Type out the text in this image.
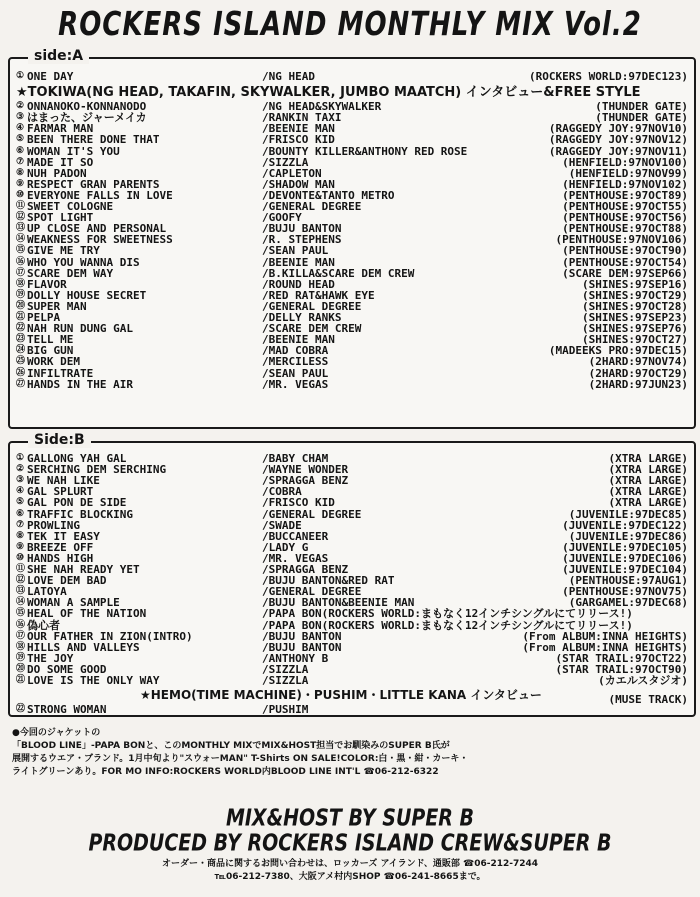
ROCKERS ISLAND MONTHLY MIX Vol.2
① ONE DAY	/NG HEAD	(ROCKERS WORLD:97DEC123)
★TOKIWA(NG HEAD, TAKAFIN, SKYWALKER, JUMBO MAATCH) インタビュー&FREE STYLE
② ONNANOKO-KONNANODO	/NG HEAD&SKYWALKER	(THUNDER GATE)
③ はまった、ジャーメイカ	/RANKIN TAXI	(THUNDER GATE)
④ FARMAR MAN	/BEENIE MAN	(RAGGEDY JOY:97NOV10)
⑤ BEEN THERE DONE THAT	/FRISCO KID	(RAGGEDY JOY:97NOV12)
⑥ WOMAN IT'S YOU	/BOUNTY KILLER&ANTHONY RED ROSE	(RAGGEDY JOY:97NOV11)
⑦ MADE IT SO	/SIZZLA	(HENFIELD:97NOV100)
⑧ NUH PADON	/CAPLETON	(HENFIELD:97NOV99)
⑨ RESPECT GRAN PARENTS	/SHADOW MAN	(HENFIELD:97NOV102)
⑩ EVERYONE FALLS IN LOVE	/DEVONTE&TANTO METRO	(PENTHOUSE:97OCT89)
⑪ SWEET COLOGNE	/GENERAL DEGREE	(PENTHOUSE:97OCT55)
⑫ SPOT LIGHT	/GOOFY	(PENTHOUSE:97OCT56)
⑬ UP CLOSE AND PERSONAL	/BUJU BANTON	(PENTHOUSE:97OCT88)
⑭ WEAKNESS FOR SWEETNESS	/R. STEPHENS	(PENTHOUSE:97NOV106)
⑮ GIVE ME TRY	/SEAN PAUL	(PENTHOUSE:97OCT90)
⑯ WHO YOU WANNA DIS	/BEENIE MAN	(PENTHOUSE:97OCT54)
⑰ SCARE DEM WAY	/B.KILLA&SCARE DEM CREW	(SCARE DEM:97SEP66)
⑱ FLAVOR	/ROUND HEAD	(SHINES:97SEP16)
⑲ DOLLY HOUSE SECRET	/RED RAT&HAWK EYE	(SHINES:97OCT29)
⑳ SUPER MAN	/GENERAL DEGREE	(SHINES:97OCT28)
㉑ PELPA	/DELLY RANKS	(SHINES:97SEP23)
㉒ NAH RUN DUNG GAL	/SCARE DEM CREW	(SHINES:97SEP76)
㉓ TELL ME	/BEENIE MAN	(SHINES:97OCT27)
㉔ BIG GUN	/MAD COBRA	(MADEEKS PRO:97DEC15)
㉕ WORK DEM	/MERCILESS	(2HARD:97NOV74)
㉖ INFILTRATE	/SEAN PAUL	(2HARD:97OCT29)
㉗ HANDS IN THE AIR	/MR. VEGAS	(2HARD:97JUN23)
side:A
① GALLONG YAH GAL	/BABY CHAM	(XTRA LARGE)
② SERCHING DEM SERCHING	/WAYNE WONDER	(XTRA LARGE)
③ WE NAH LIKE	/SPRAGGA BENZ	(XTRA LARGE)
④ GAL SPLURT	/COBRA	(XTRA LARGE)
⑤ GAL PON DE SIDE	/FRISCO KID	(XTRA LARGE)
⑥ TRAFFIC BLOCKING	/GENERAL DEGREE	(JUVENILE:97DEC85)
⑦ PROWLING	/SWADE	(JUVENILE:97DEC122)
⑧ TEK IT EASY	/BUCCANEER	(JUVENILE:97DEC86)
⑨ BREEZE OFF	/LADY G	(JUVENILE:97DEC105)
⑩ HANDS HIGH	/MR. VEGAS	(JUVENILE:97DEC106)
⑪ SHE NAH READY YET	/SPRAGGA BENZ	(JUVENILE:97DEC104)
⑫ LOVE DEM BAD	/BUJU BANTON&RED RAT	(PENTHOUSE:97AUG1)
⑬ LATOYA	/GENERAL DEGREE	(PENTHOUSE:97NOV75)
⑭ WOMAN A SAMPLE	/BUJU BANTON&BEENIE MAN	(GARGAMEL:97DEC68)
⑮ HEAL OF THE NATION	/PAPA BON(ROCKERS WORLD:まもなく12インチシングルにてリリース!)
⑯ 偽心者	/PAPA BON(ROCKERS WORLD:まもなく12インチシングルにてリリース!)
⑰ OUR FATHER IN ZION(INTRO)	/BUJU BANTON	(From ALBUM:INNA HEIGHTS)
⑱ HILLS AND VALLEYS	/BUJU BANTON	(From ALBUM:INNA HEIGHTS)
⑲ THE JOY	/ANTHONY B	(STAR TRAIL:97OCT22)
⑳ DO SOME GOOD	/SIZZLA	(STAR TRAIL:97OCT90)
㉑ LOVE IS THE ONLY WAY	/SIZZLA	(カエルスタジオ)
★HEMO(TIME MACHINE)・PUSHIM・LITTLE KANA インタビュー	(MUSE TRACK)
㉒ STRONG WOMAN	/PUSHIM
Side:B

●今回のジャケットの

「BLOOD LINE」-PAPA BONと、このMONTHLY MIXでMIX&HOST担当でお馴染みのSUPER B氏が

展開するウエア・ブランド。1月中旬より"スウォーMAN" T-Shirts ON SALE!COLOR:白・黒・紺・カーキ・

ライトグリーンあり。FOR MO INFO:ROCKERS WORLD内BLOOD LINE INT'L ☎06-212-6322

MIX&HOST BY SUPER B

PRODUCED BY ROCKERS ISLAND CREW&SUPER B

オーダー・商品に関するお問い合わせは、ロッカーズ アイランド、通販部 ☎06-212-7244

℡06-212-7380、大阪アメ村内SHOP ☎06-241-8665まで。
